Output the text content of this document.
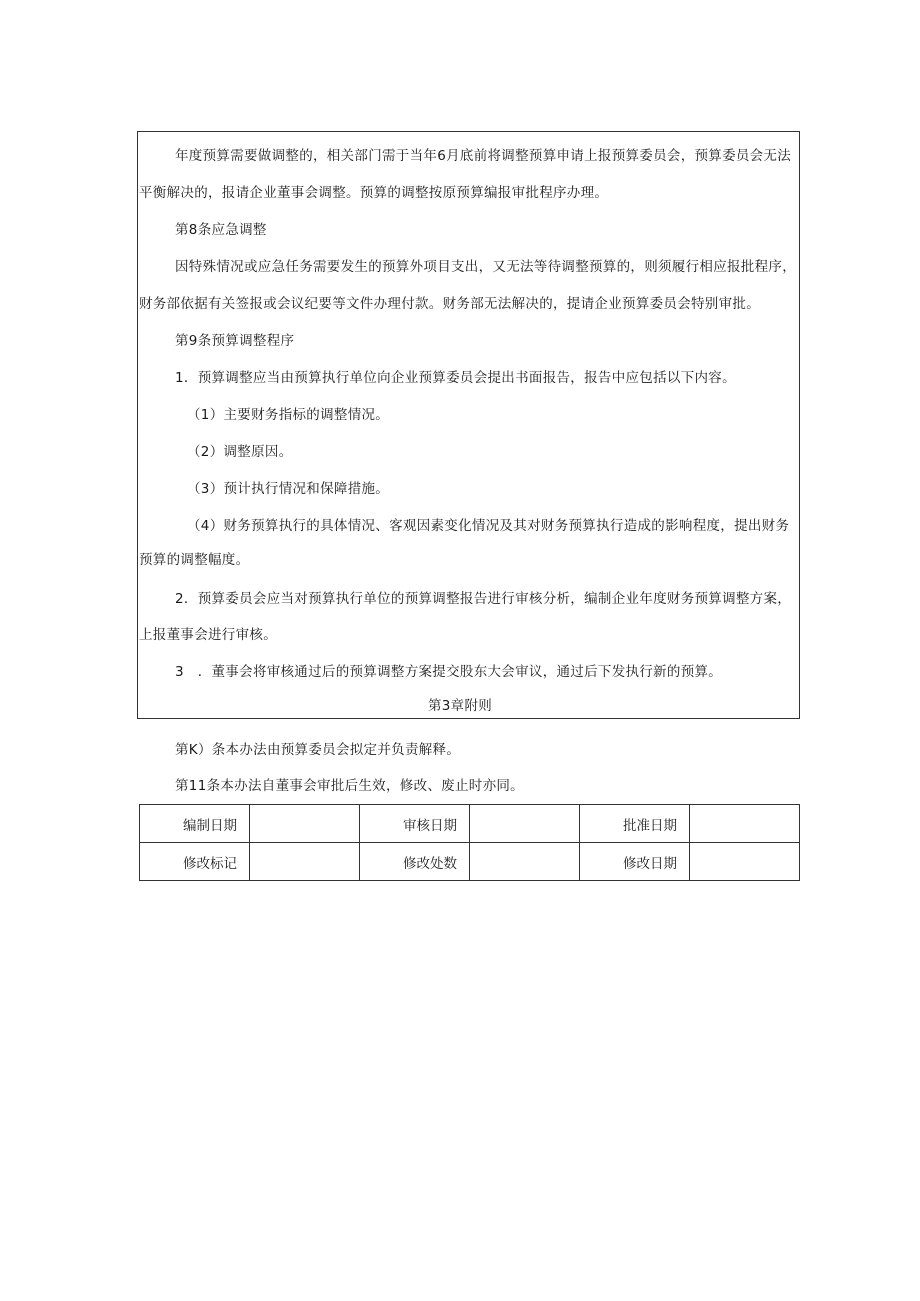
年度预算需要做调整的，相关部门需于当年6月底前将调整预算申请上报预算委员会，预算委员会无法
平衡解决的，报请企业董事会调整。预算的调整按原预算编报审批程序办理。
第8条应急调整
因特殊情况或应急任务需要发生的预算外项目支出，又无法等待调整预算的，则须履行相应报批程序，
财务部依据有关签报或会议纪要等文件办理付款。财务部无法解决的，提请企业预算委员会特别审批。
第9条预算调整程序
1．预算调整应当由预算执行单位向企业预算委员会提出书面报告，报告中应包括以下内容。
（1）主要财务指标的调整情况。
（2）调整原因。
（3）预计执行情况和保障措施。
（4）财务预算执行的具体情况、客观因素变化情况及其对财务预算执行造成的影响程度，提出财务
预算的调整幅度。
2．预算委员会应当对预算执行单位的预算调整报告进行审核分析，编制企业年度财务预算调整方案，
上报董事会进行审核。
3　．董事会将审核通过后的预算调整方案提交股东大会审议，通过后下发执行新的预算。
第3章附则
第K）条本办法由预算委员会拟定并负责解释。
第11条本办法自董事会审批后生效，修改、废止时亦同。
编制日期		审核日期		批准日期	
修改标记		修改处数		修改日期	
